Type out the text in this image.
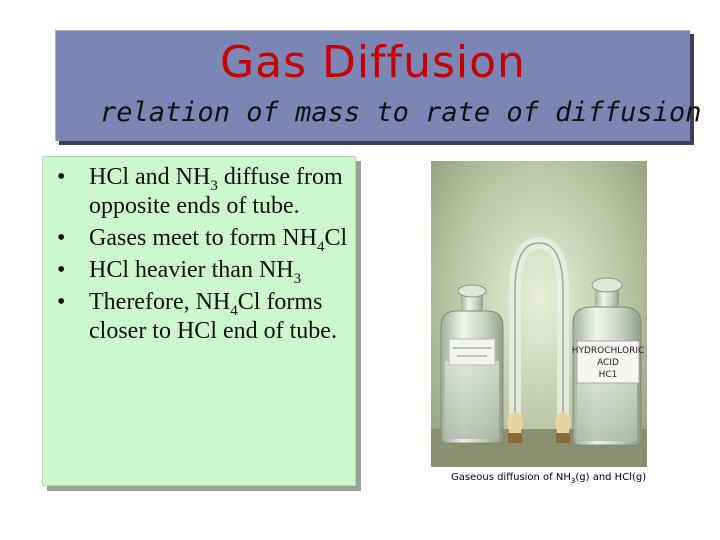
Gas Diffusion
relation of mass to rate of diffusion
• HCl and $NH_3$ diffuse from opposite ends of tube.
• Gases meet to form $NH_4Cl$
• HCl heavier than $NH_3$
• Therefore, $NH_4Cl$ forms closer to HCl end of tube.
HYDROCHLORIC
ACID
HC1
Gaseous diffusion of $NH_3(g)$ and HCl(g)
